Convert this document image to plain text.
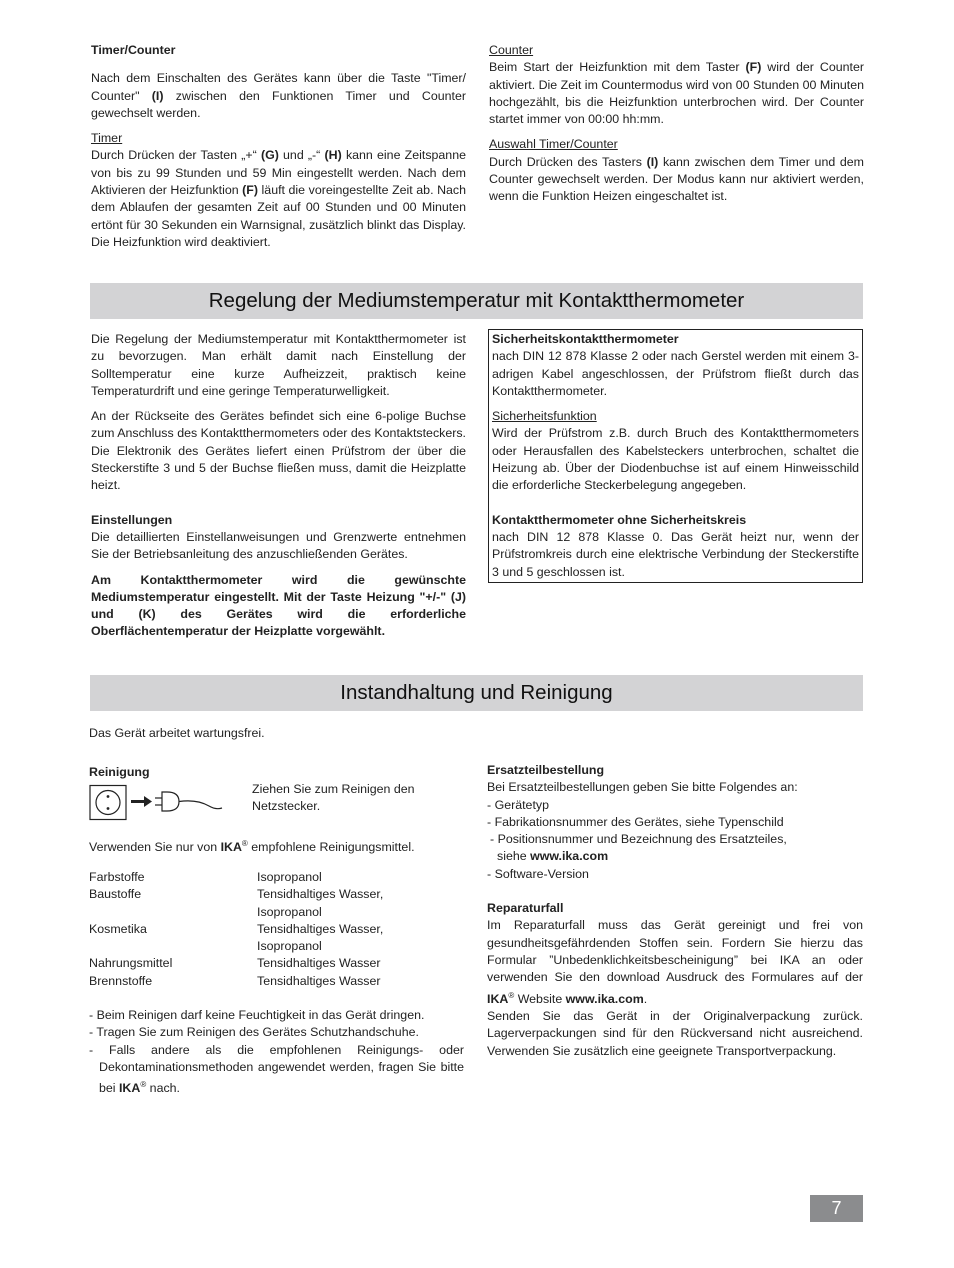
Timer/Counter

Nach dem Einschalten des Gerätes kann über die Taste "Timer/ Counter" (I) zwischen den Funktionen Timer und Counter gewechselt werden.

Timer

Durch Drücken der Tasten „+“ (G) und „-“ (H) kann eine Zeitspanne von bis zu 99 Stunden und 59 Min eingestellt werden. Nach dem Aktivieren der Heizfunktion (F) läuft die voreingestellte Zeit ab. Nach dem Ablaufen der gesamten Zeit auf 00 Stunden und 00 Minuten ertönt für 30 Sekunden ein Warnsignal, zusätzlich blinkt das Display. Die Heizfunktion wird deaktiviert.

Counter

Beim Start der Heizfunktion mit dem Taster (F) wird der Counter aktiviert. Die Zeit im Countermodus wird von 00 Stunden 00 Minuten hochgezählt, bis die Heizfunktion unterbrochen wird. Der Counter startet immer von 00:00 hh:mm.

Auswahl Timer/Counter

Durch Drücken des Tasters (I) kann zwischen dem Timer und dem Counter gewechselt werden. Der Modus kann nur aktiviert werden, wenn die Funktion Heizen eingeschaltet ist.

Regelung der Mediumstemperatur mit Kontaktthermometer

Die Regelung der Mediumstemperatur mit Kontaktthermometer ist zu bevorzugen. Man erhält damit nach Einstellung der Solltemperatur eine kurze Aufheizzeit, praktisch keine Temperaturdrift und eine geringe Temperaturwelligkeit.

An der Rückseite des Gerätes befindet sich eine 6-polige Buchse zum Anschluss des Kontaktthermometers oder des Kontaktsteckers. Die Elektronik des Gerätes liefert einen Prüfstrom der über die Steckerstifte 3 und 5 der Buchse fließen muss, damit die Heizplatte heizt.

Einstellungen

Die detaillierten Einstellanweisungen und Grenzwerte entnehmen Sie der Betriebsanleitung des anzuschließenden Gerätes.

Am Kontaktthermometer wird die gewünschte Mediumstemperatur eingestellt. Mit der Taste Heizung "+/-" (J) und (K) des Gerätes wird die erforderliche Oberflächentemperatur der Heizplatte vorgewählt.

Sicherheitskontaktthermometer

nach DIN 12 878 Klasse 2 oder nach Gerstel werden mit einem 3-adrigen Kabel angeschlossen, der Prüfstrom fließt durch das Kontaktthermometer.

Sicherheitsfunktion

Wird der Prüfstrom z.B. durch Bruch des Kontaktthermometers oder Herausfallen des Kabelsteckers unterbrochen, schaltet die Heizung ab. Über der Diodenbuchse ist auf einem Hinweisschild die erforderliche Steckerbelegung angegeben.

Kontaktthermometer ohne Sicherheitskreis

nach DIN 12 878 Klasse 0. Das Gerät heizt nur, wenn der Prüfstromkreis durch eine elektrische Verbindung der Steckerstifte 3 und 5 geschlossen ist.

Instandhaltung und Reinigung

Das Gerät arbeitet wartungsfrei.

Reinigung

Ziehen Sie zum Reinigen den Netzstecker.

Verwenden Sie nur von IKA® empfohlene Reinigungsmittel.

Farbstoffe	Isopropanol
Baustoffe	Tensidhaltiges Wasser, Isopropanol
Kosmetika	Tensidhaltiges Wasser, Isopropanol
Nahrungsmittel	Tensidhaltiges Wasser
Brennstoffe	Tensidhaltiges Wasser

- Beim Reinigen darf keine Feuchtigkeit in das Gerät dringen.

- Tragen Sie zum Reinigen des Gerätes Schutzhandschuhe.

- Falls andere als die empfohlenen Reinigungs- oder Dekontaminationsmethoden angewendet werden, fragen Sie bitte bei IKA® nach.

Ersatzteilbestellung

Bei Ersatzteilbestellungen geben Sie bitte Folgendes an:

- Gerätetyp

- Fabrikationsnummer des Gerätes, siehe Typenschild

- Positionsnummer und Bezeichnung des Ersatzteiles, siehe www.ika.com

- Software-Version

Reparaturfall

Im Reparaturfall muss das Gerät gereinigt und frei von gesundheitsgefährdenden Stoffen sein. Fordern Sie hierzu das Formular ”Unbedenklichkeitsbescheinigung” bei IKA an oder verwenden Sie den download Ausdruck des Formulares auf der IKA® Website www.ika.com.

Senden Sie das Gerät in der Originalverpackung zurück. Lagerverpackungen sind für den Rückversand nicht ausreichend. Verwenden Sie zusätzlich eine geeignete Transportverpackung.

7
